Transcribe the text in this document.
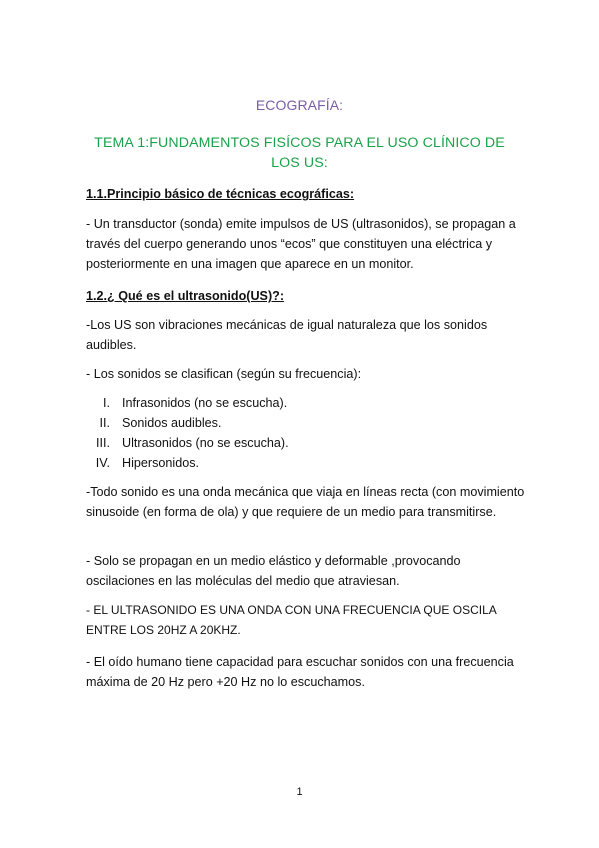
ECOGRAFÍA:
TEMA 1:FUNDAMENTOS FISÍCOS PARA EL USO CLÍNICO DE LOS US:

1.1.Principio básico de técnicas ecográficas:

- Un transductor (sonda) emite impulsos de US (ultrasonidos), se propagan a través del cuerpo generando unos “ecos” que constituyen una eléctrica y posteriormente en una imagen que aparece en un monitor.

1.2.¿ Qué es el ultrasonido(US)?:

-Los US son vibraciones mecánicas de igual naturaleza que los sonidos audibles.

- Los sonidos se clasifican (según su frecuencia):

I. Infrasonidos (no se escucha).
II. Sonidos audibles.
III. Ultrasonidos (no se escucha).
IV. Hipersonidos.

-Todo sonido es una onda mecánica que viaja en líneas recta (con movimiento sinusoide (en forma de ola) y que requiere de un medio para transmitirse.

- Solo se propagan en un medio elástico y deformable ,provocando oscilaciones en las moléculas del medio que atraviesan.

- EL ULTRASONIDO ES UNA ONDA CON UNA FRECUENCIA QUE OSCILA ENTRE LOS 20HZ A 20KHZ.

- El oído humano tiene capacidad para escuchar sonidos con una frecuencia máxima de 20 Hz pero +20 Hz no lo escuchamos.

1
